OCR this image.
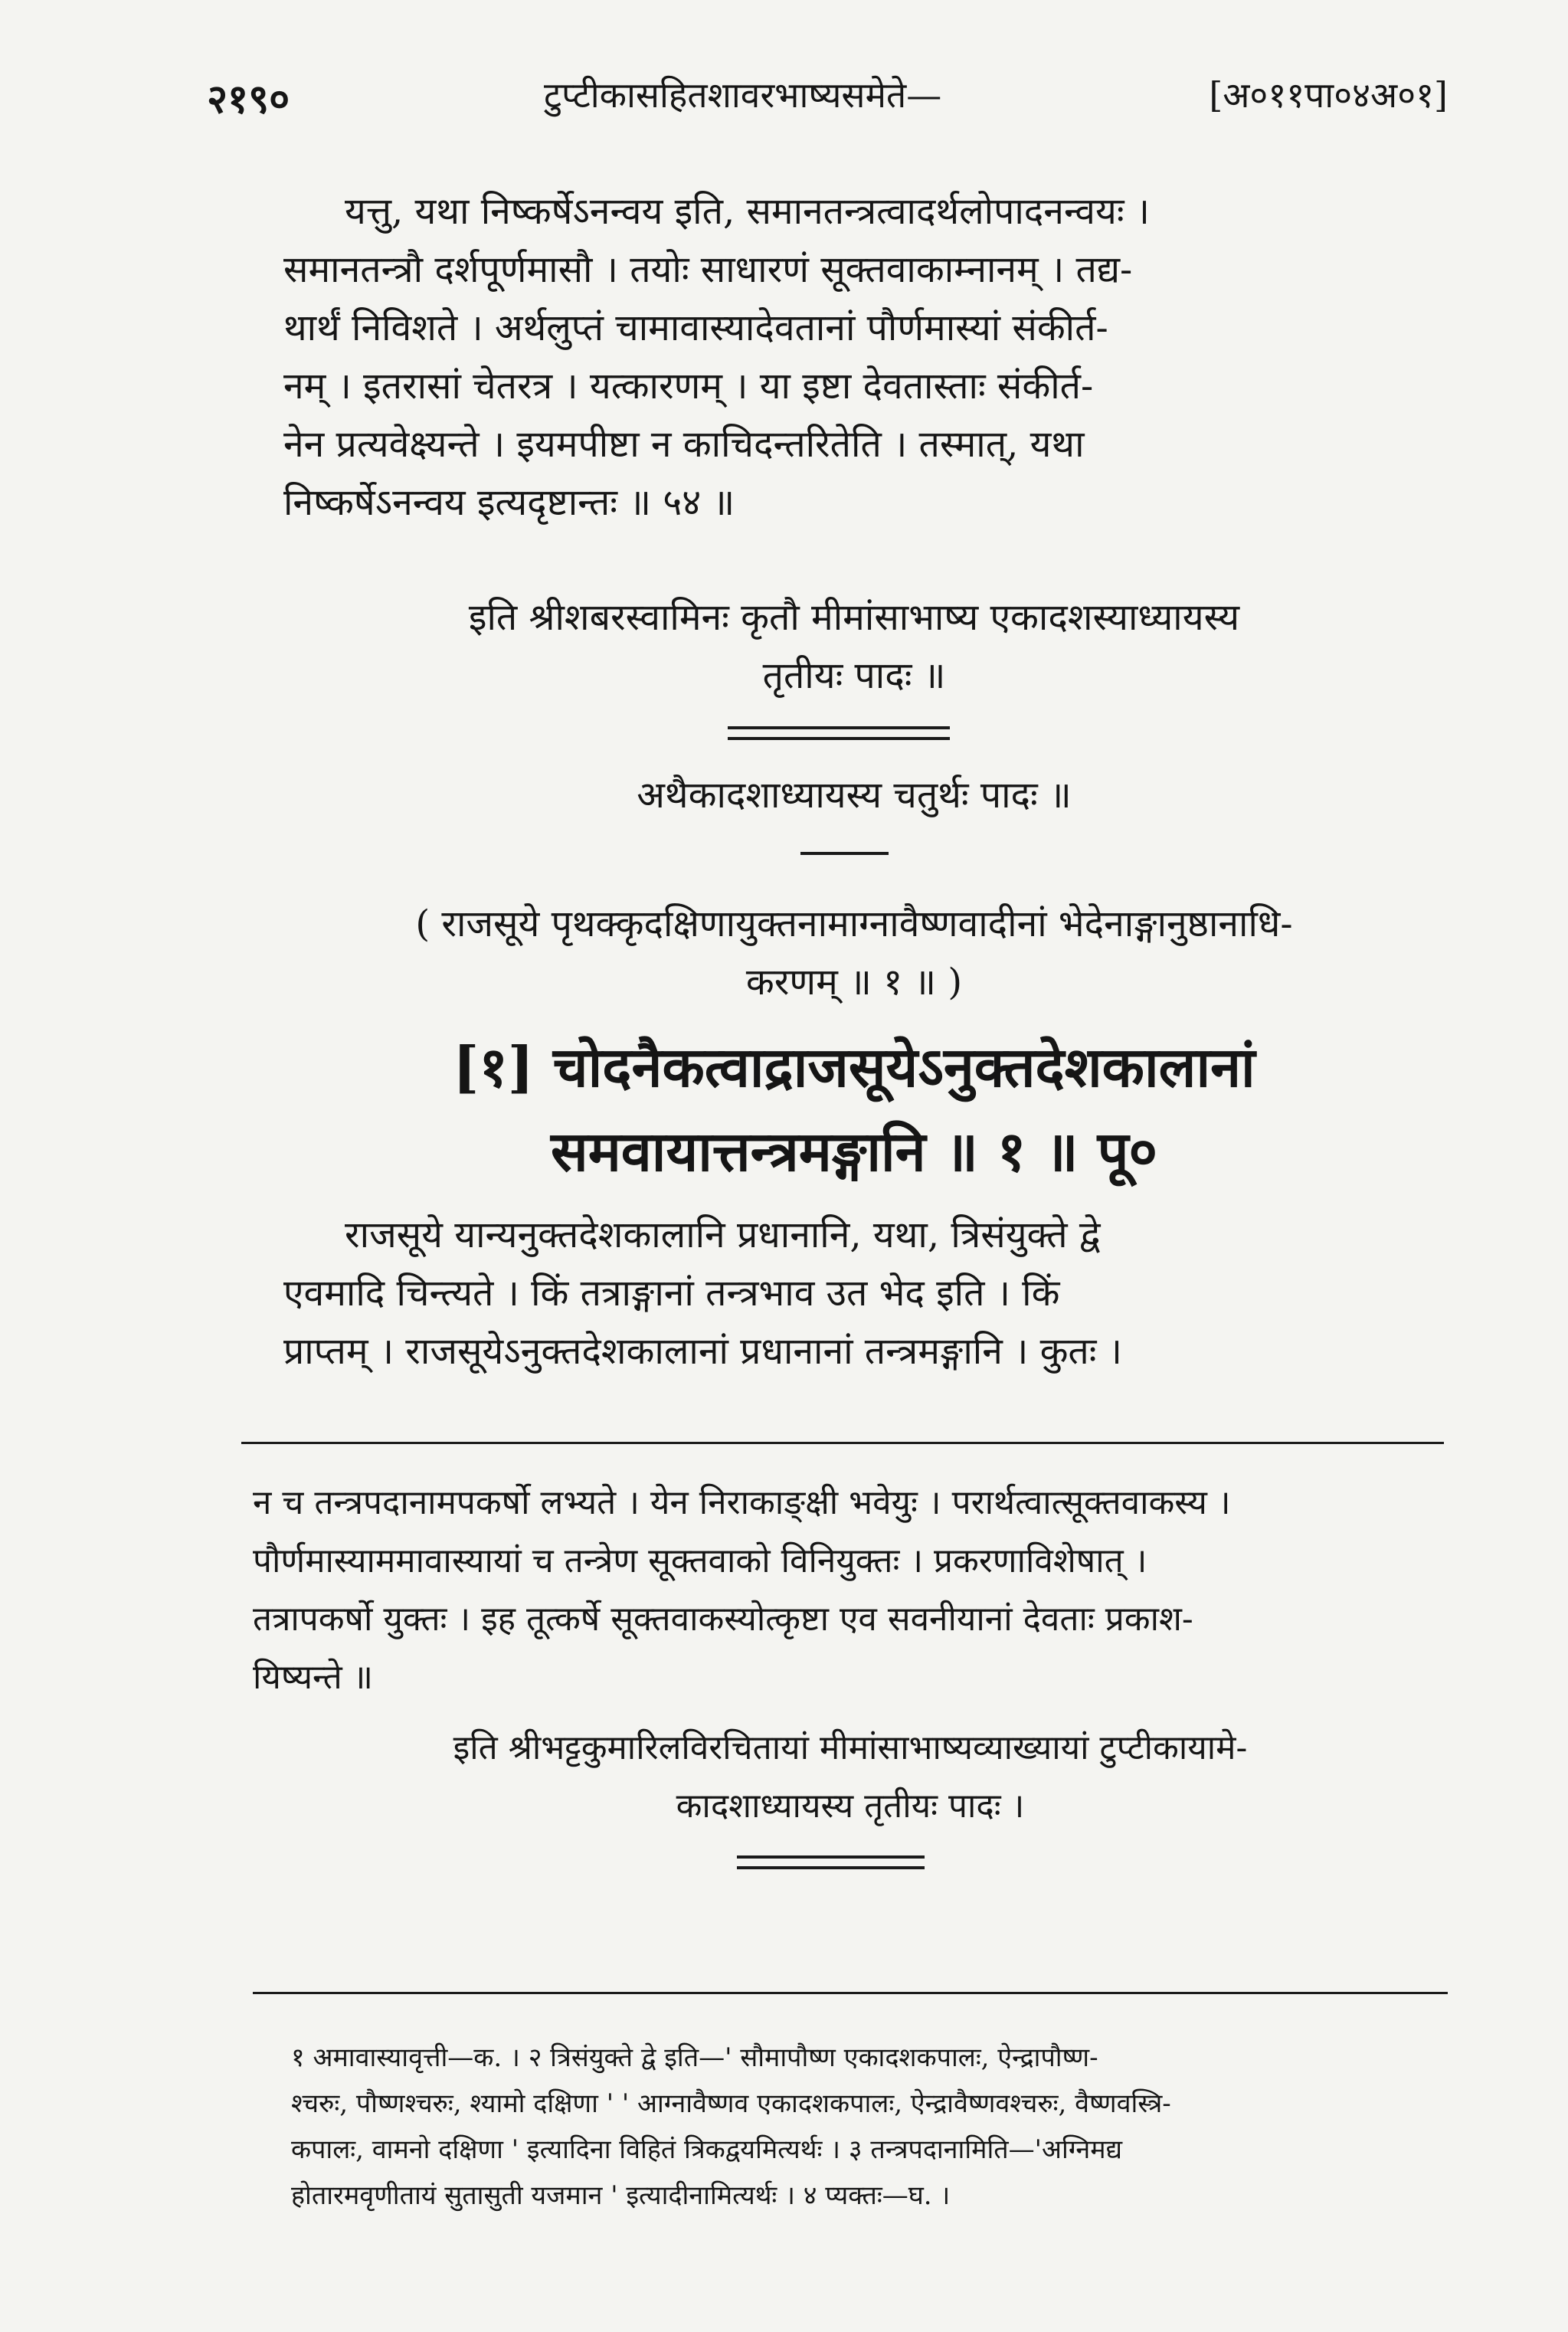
२१९०	टुप्टीकासहितशावरभाष्यसमेते—	[अ०११पा०४अ०१]
यत्तु, यथा निष्कर्षेऽनन्वय इति, समानतन्त्रत्वादर्थलोपादनन्वयः ।
समानतन्त्रौ दर्शपूर्णमासौ । तयोः साधारणं सूक्तवाकाम्नानम् । तद्य-
थार्थं निविशते । अर्थलुप्तं चामावास्यादेवतानां पौर्णमास्यां संकीर्त-
नम् । इतरासां चेतरत्र । यत्कारणम् । या इष्टा देवतास्ताः संकीर्त-
नेन प्रत्यवेक्ष्यन्ते । इयमपीष्टा न काचिदन्तरितेति । तस्मात्, यथा
निष्कर्षेऽनन्वय इत्यदृष्टान्तः ॥ ५४ ॥
इति श्रीशबरस्वामिनः कृतौ मीमांसाभाष्य एकादशस्याध्यायस्य
तृतीयः पादः ॥
अथैकादशाध्यायस्य चतुर्थः पादः ॥
( राजसूये पृथक्कृदक्षिणायुक्तनामाग्नावैष्णवादीनां भेदेनाङ्गानुष्ठानाधि-
करणम् ॥ १ ॥ )
[१] चोदनैकत्वाद्राजसूयेऽनुक्तदेशकालानां
समवायात्तन्त्रमङ्गानि ॥ १ ॥ पू०
राजसूये यान्यनुक्तदेशकालानि प्रधानानि, यथा, त्रिसंयुक्ते द्वे
एवमादि चिन्त्यते । किं तत्राङ्गानां तन्त्रभाव उत भेद इति । किं
प्राप्तम् । राजसूयेऽनुक्तदेशकालानां प्रधानानां तन्त्रमङ्गानि । कुतः ।
न च तन्त्रपदानामपकर्षो लभ्यते । येन निराकाङ्क्षी भवेयुः । परार्थत्वात्सूक्तवाकस्य ।
पौर्णमास्याममावास्यायां च तन्त्रेण सूक्तवाको विनियुक्तः । प्रकरणाविशेषात् ।
तत्रापकर्षो युक्तः । इह तूत्कर्षे सूक्तवाकस्योत्कृष्टा एव सवनीयानां देवताः प्रकाश-
यिष्यन्ते ॥
इति श्रीभट्टकुमारिलविरचितायां मीमांसाभाष्यव्याख्यायां टुप्टीकायामे-
कादशाध्यायस्य तृतीयः पादः ।
१ अमावास्यावृत्ती—क. । २ त्रिसंयुक्ते द्वे इति—' सौमापौष्ण एकादशकपालः, ऐन्द्रापौष्ण-
श्चरुः, पौष्णश्चरुः, श्यामो दक्षिणा ' ' आग्नावैष्णव एकादशकपालः, ऐन्द्रावैष्णवश्चरुः, वैष्णवस्त्रि-
कपालः, वामनो दक्षिणा ' इत्यादिना विहितं त्रिकद्वयमित्यर्थः । ३ तन्त्रपदानामिति—'अग्निमद्य
होतारमवृणीतायं सुतासुती यजमान ' इत्यादीनामित्यर्थः । ४ प्यक्तः—घ. ।
